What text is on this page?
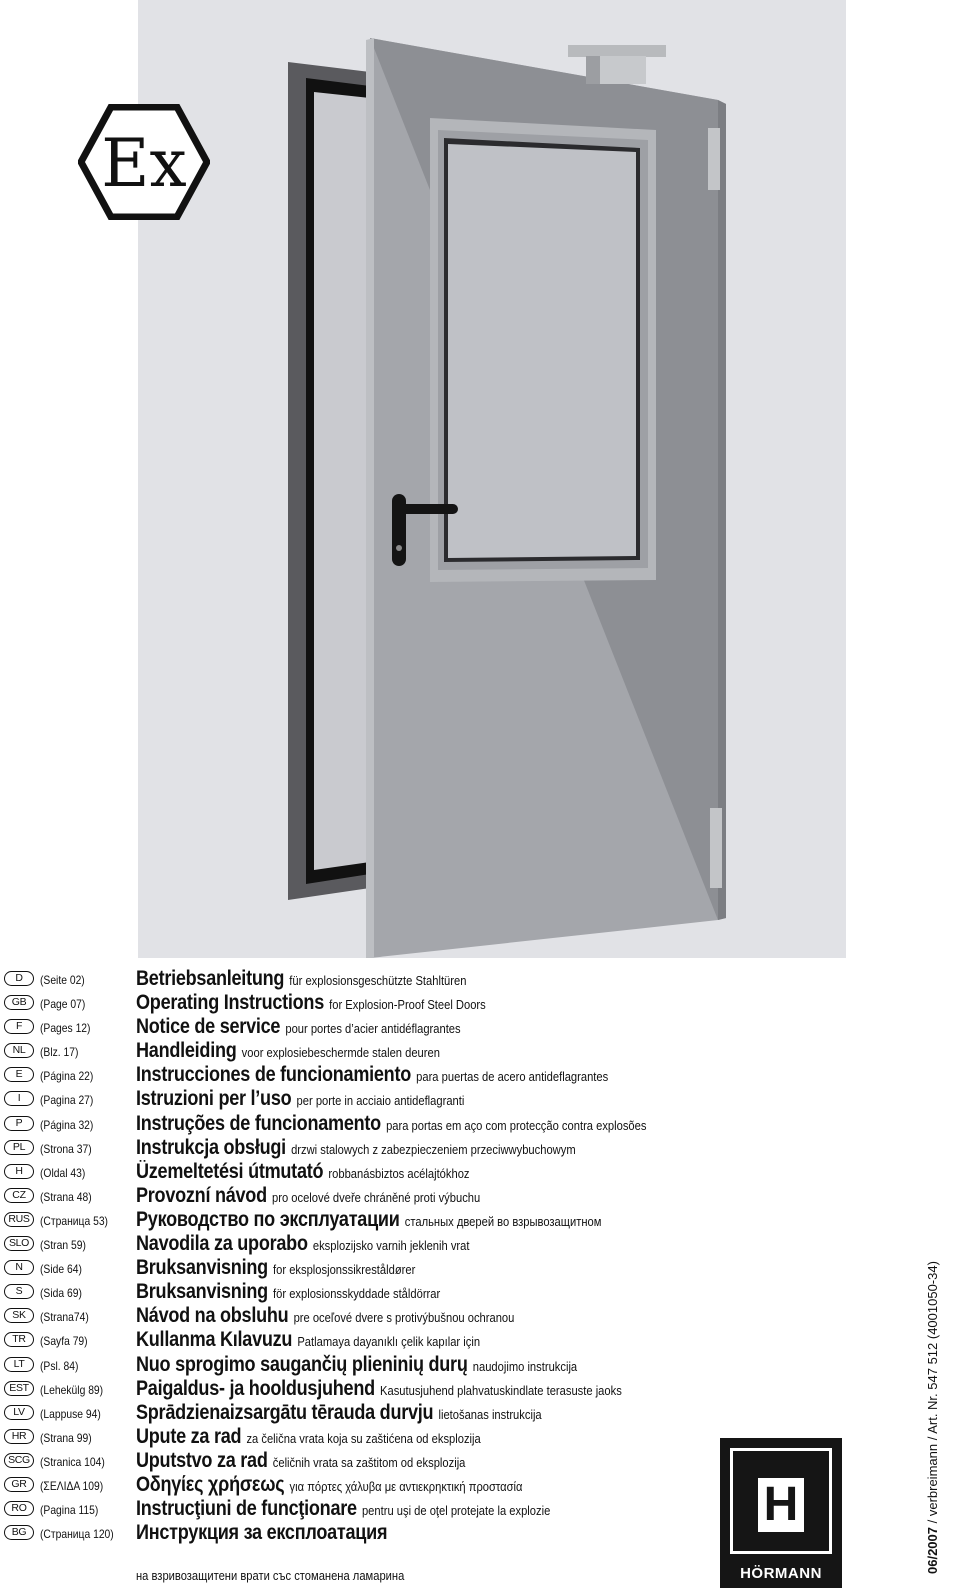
Ex
D	(Seite 02) Betriebsanleitung für explosionsgeschützte Stahltüren
GB	(Page 07) Operating Instructions for Explosion-Proof Steel Doors
F	(Pages 12) Notice de service pour portes d’acier antidéflagrantes
NL	(Blz. 17)	Handleiding voor explosiebeschermde stalen deuren
E	(Página 22) Instrucciones de funcionamiento para puertas de acero antideflagrantes
I	(Pagina 27) Istruzioni per l’uso per porte in acciaio antideflagranti
P	(Página 32) Instruções de funcionamento para portas em aço com protecção contra explosões
PL	(Strona 37) Instrukcja obsługi drzwi stalowych z zabezpieczeniem przeciwwybuchowym
H	(Oldal 43) Üzemeltetési útmutató robbanásbiztos acélajtókhoz
CZ	(Strana 48) Provozní návod pro ocelové dveře chráněné proti výbuchu
RUS (Страница 53) Руководство по эксплуатации стальных дверей во взрывозащитном
SLO (Stran 59) Navodila za uporabo eksplozijsko varnih jeklenih vrat
N	(Side 64)	Bruksanvisning for eksplosjonssikreståldører
S	(Sida 69)	Bruksanvisning för explosionsskyddade ståldörrar
SK	(Strana74) Návod na obsluhu pre oceľové dvere s protivýbušnou ochranou
TR	(Sayfa 79) Kullanma Kılavuzu Patlamaya dayanıklı çelik kapılar için
LT	(Psl. 84)	Nuo sprogimo saugančių plieninių durų naudojimo instrukcija
EST (Lehekülg 89) Paigaldus- ja hooldusjuhend Kasutusjuhend plahvatuskindlate terasuste jaoks
LV	(Lappuse 94) Sprādzienaizsargātu tērauda durvju lietošanas instrukcija
HR	(Strana 99) Upute za rad za čelična vrata koja su zaštićena od eksplozija
SCG (Stranica 104) Uputstvo za rad čeličnih vrata sa zaštitom od eksplozija
GR	(ΣΕΛΙΔΑ 109) Οδηγίες χρήσεως για πόρτες χάλυβα με αντιεκρηκτική προστασία
RO	(Pagina 115) Instrucţiuni de funcţionare pentru uşi de oţel protejate la explozie
BG	(Страница 120) Инструкция за експлоатация
на взривозащитени врати със стоманена ламарина
06/2007 / verbreimann / Art. Nr. 547 512 (4001050-34)
H
HÖRMANN
